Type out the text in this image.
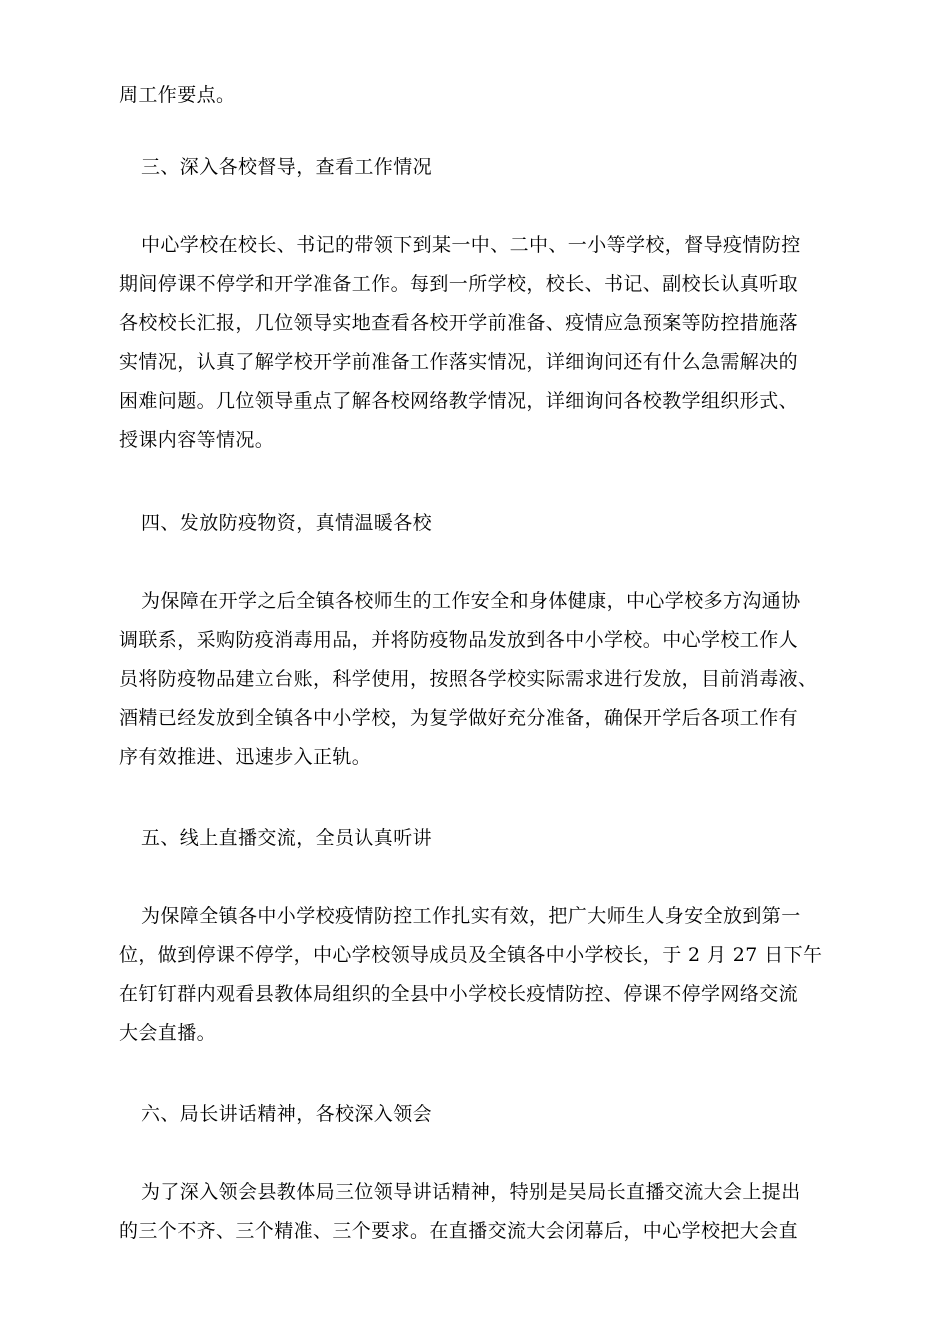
周工作要点。
三、深入各校督导，查看工作情况
中心学校在校长、书记的带领下到某一中、二中、一小等学校，督导疫情防控
期间停课不停学和开学准备工作。每到一所学校，校长、书记、副校长认真听取
各校校长汇报，几位领导实地查看各校开学前准备、疫情应急预案等防控措施落
实情况，认真了解学校开学前准备工作落实情况，详细询问还有什么急需解决的
困难问题。几位领导重点了解各校网络教学情况，详细询问各校教学组织形式、
授课内容等情况。
四、发放防疫物资，真情温暖各校
为保障在开学之后全镇各校师生的工作安全和身体健康，中心学校多方沟通协
调联系，采购防疫消毒用品，并将防疫物品发放到各中小学校。中心学校工作人
员将防疫物品建立台账，科学使用，按照各学校实际需求进行发放，目前消毒液、
酒精已经发放到全镇各中小学校，为复学做好充分准备，确保开学后各项工作有
序有效推进、迅速步入正轨。
五、线上直播交流，全员认真听讲
为保障全镇各中小学校疫情防控工作扎实有效，把广大师生人身安全放到第一
位，做到停课不停学，中心学校领导成员及全镇各中小学校长，于 2 月 27 日下午
在钉钉群内观看县教体局组织的全县中小学校长疫情防控、停课不停学网络交流
大会直播。
六、局长讲话精神，各校深入领会
为了深入领会县教体局三位领导讲话精神，特别是吴局长直播交流大会上提出
的三个不齐、三个精准、三个要求。在直播交流大会闭幕后，中心学校把大会直
